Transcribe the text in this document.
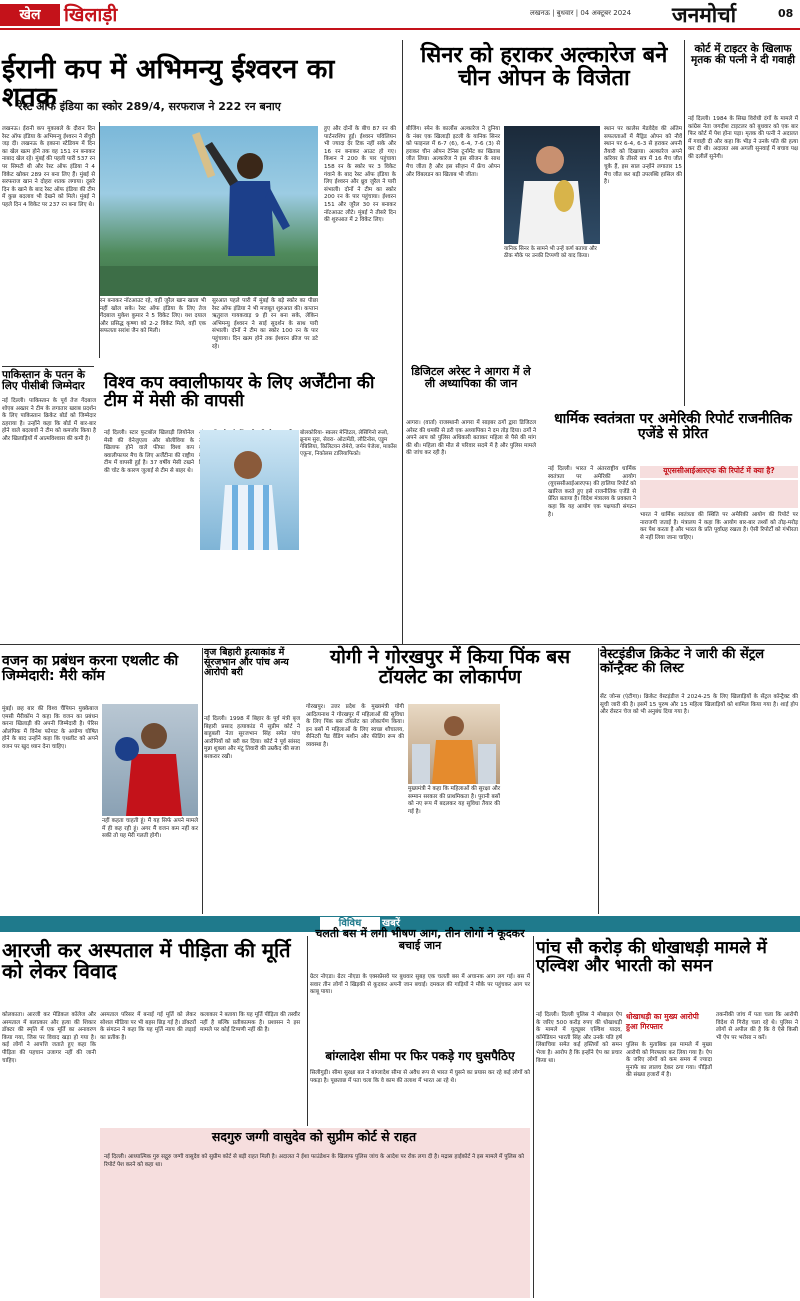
खेल	खिलाड़ी	लखनऊ | बुधवार | 04 अक्टूबर 2024	जनमोर्चा	08
ईरानी कप में अभिमन्यु ईश्वरन का शतक
रेस्ट ऑफ इंडिया का स्कोर 289/4, सरफराज ने 222 रन बनाए
लखनऊ। ईरानी कप मुकाबले के दौरान दिन रेस्ट ऑफ इंडिया के अभिमन्यु ईश्वरन ने सेंचुरी जड़ दी। लखनऊ के इकाना स्टेडियम में दिन का खेल खत्म होने तक वह 151 रन बनाकर नाबाद खेल रहे। मुंबई की पहली पारी 537 रन पर सिमटी थी और रेस्ट ऑफ इंडिया ने 4 विकेट खोकर 289 रन बना लिए हैं। मुंबई से सरफराज खान ने दोहरा शतक लगाया। दूसरे दिन के खाने के बाद रेस्ट ऑफ इंडिया की टीम में कुछ बदलाव भी देखने को मिले। मुंबई ने पहले दिन 4 विकेट पर 237 रन बना लिए थे।
रन बनाकर नॉटआउट रहे, वहीं जुरैल खान खाता भी नहीं खोल सके। रेस्ट ऑफ इंडिया के लिए तेज गेंदबाज मुकेश कुमार ने 5 विकेट लिए। यश दयाल और प्रसिद्ध कृष्णा को 2-2 विकेट मिले, वहीं एक सफलता सरांश जैन को मिली।
सुरआत पहले पारी में मुंबई के बड़े स्कोर का पीछा रेस्ट ऑफ इंडिया ने भी मजबूत शुरुआत की। कप्तान ऋतुराज गायकवाड़ 9 ही रन बना सके, लेकिन अभिमन्यु ईश्वरन ने साई सुदर्शन के साथ पारी संभाली। दोनों ने टीम का स्कोर 100 रन के पार पहुंचाया। दिन खत्म होने तक ईश्वरन क्रीज पर डटे रहे।
हुए और दोनों के बीच 87 रन की पार्टनरशिप हुई। ईश्वरन पविलियन भी ज्यादा देर टिक नहीं सके और 16 रन बनाकर आउट हो गए। किशन ने 200 के पार पहुंचाया 158 रन के स्कोर पर 3 विकेट गंवाने के बाद रेस्ट ऑफ इंडिया के लिए ईश्वरन और ध्रुव जुरैल ने पारी संभाली। दोनों ने टीम का स्कोर 200 रन के पार पहुंचाया। ईश्वरन 151 और जुरैल 30 रन बनाकर नॉटआउट लौटे। मुंबई ने तीसरे दिन की शुरुआत में 2 विकेट लिए।
पाकिस्तान के पतन के लिए पीसीबी जिम्मेदार
नई दिल्ली। पाकिस्तान के पूर्व तेज गेंदबाज शोएब अख्तर ने टीम के लगातार खराब प्रदर्शन के लिए पाकिस्तान क्रिकेट बोर्ड को जिम्मेदार ठहराया है। उन्होंने कहा कि बोर्ड में बार-बार होने वाले बदलावों ने टीम को कमजोर किया है और खिलाड़ियों में आत्मविश्वास की कमी है।
विश्व कप क्वालीफायर के लिए अर्जेंटीना की टीम में मेसी की वापसी
नई दिल्ली। स्टार फुटबॉल खिलाड़ी लियोनेल मेसी की वेनेजुएला और बोलीविया के खिलाफ होने वाले फीफा विश्व कप क्वालीफायर मैच के लिए अर्जेंटीना की राष्ट्रीय टीम में वापसी हुई है। 37 वर्षीय मेसी टखने की चोट के कारण जुलाई से टीम से बाहर थे।
बोलकोरिया- स्कलर मेन्डिंटल, लेसिंगिनो रूलो, ब्रूनाम सुरा, सेवरा- ओटामेंडी, लौटिनोस, एड्रूम गेबिलिया, किलिटयन रोमेरो, जर्मन पेजेला, मार्कोस एकूना, निकोलस टालियाफिको।
सिनर को हराकर अल्कारेज बने चीन ओपन के विजेता
बीजिंग। स्पेन के कार्लोस अल्कारेज ने दुनिया के नंबर एक खिलाड़ी इटली के यानिक सिनर को फाइनल में 6-7 (6), 6-4, 7-6 (3) से हराकर चीन ओपन टेनिस टूर्नामेंट का खिताब जीत लिया। अल्कारेज ने इस सीजन के साथ मैच जीता है और इस सीज़न में फ्रेंच ओपन और विंबलडन का खिताब भी जीता।
यानिक सिनर के सामने भी उन्हें कर्ण बताया और ठीक मौके पर उनकी टिप्पणी को याद किया।
स्थान पर कालेस मेडवेदेव की अंतिम सफलताओं में मैड्रिड ओपन को नौवें स्थान पर 6-4, 6-3 से हराकर अपनी तैयारी को दिखाया। अल्कारेज अपने करियर के तीसरे सत्र में 16 मैच जीत चुके हैं, इस साल उन्होंने लगातार 15 मैच जीत कर बड़ी उपलब्धि हासिल की है।
कोर्ट में टाइटर के खिलाफ मृतक की पत्नी ने दी गवाही
नई दिल्ली। 1984 के सिख विरोधी दंगों के मामले में कांग्रेस नेता जगदीश टाइटलर को बुधवार को एक बार फिर कोर्ट में पेश होना पड़ा। मृतक की पत्नी ने अदालत में गवाही दी और कहा कि भीड़ ने उनके पति की हत्या कर दी थी। अदालत अब अगली सुनवाई में बचाव पक्ष की दलीलें सुनेगी।
डिजिटल अरेस्ट ने आगरा में ले ली अध्यापिका की जान
आगरा। (वार्ता) राजस्थानी आगरा में साइबर ठगों द्वारा डिजिटल अरेस्ट की धमकी से डरी एक अध्यापिका ने दम तोड़ दिया। ठगों ने अपने आप को पुलिस अधिकारी बताकर महिला से पैसे की मांग की थी। महिला की मौत से परिवार सदमे में है और पुलिस मामले की जांच कर रही है।
धार्मिक स्वतंत्रता पर अमेरिकी रिपोर्ट राजनीतिक एजेंडे से प्रेरित
यूएससीआईआरएफ की रिपोर्ट में क्या है?
नई दिल्ली। भारत ने अंतरराष्ट्रीय धार्मिक स्वतंत्रता पर अमेरिकी आयोग (यूएससीआईआरएफ) की हालिया रिपोर्ट को खारिज करते हुए इसे राजनीतिक एजेंडे से प्रेरित बताया है। विदेश मंत्रालय के प्रवक्ता ने कहा कि यह आयोग एक पक्षपाती संगठन है।	भारत ने धार्मिक स्वतंत्रता की स्थिति पर अमेरिकी आयोग की रिपोर्ट पर नाराजगी जताई है। मंत्रालय ने कहा कि आयोग बार-बार तथ्यों को तोड़-मरोड़ कर पेश करता है और भारत के प्रति पूर्वाग्रह रखता है। ऐसी रिपोर्टों को गंभीरता से नहीं लिया जाना चाहिए।
वजन का प्रबंधन करना एथलीट की जिम्मेदारी: मैरी कॉम
मुंबई। छह बार की विश्व चैंपियन मुक्केबाज एमसी मैरीकॉम ने कहा कि वजन का प्रबंधन करना खिलाड़ी की अपनी जिम्मेदारी है। पेरिस ओलंपिक में विनेश फोगाट के अयोग्य घोषित होने के बाद उन्होंने कहा कि एथलीट को अपने वजन पर खुद ध्यान देना चाहिए।
नहीं कहता चाहती हूं। मैं यह सिर्फ अपने मामले में ही कह रही हूं। अगर मैं वजन कम नहीं कर सकी तो यह मेरी गलती होगी।
वृज बिहारी हत्याकांड में सूरजभान और पांच अन्य आरोपी बरी
नई दिल्ली। 1998 में बिहार के पूर्व मंत्री बृज बिहारी प्रसाद हत्याकांड में सुप्रीम कोर्ट ने बाहुबली नेता सूरजभान सिंह समेत पांच आरोपियों को बरी कर दिया। कोर्ट ने पूर्व सांसद मुन्ना शुक्ला और मंटू तिवारी की उम्रकैद की सजा बरकरार रखी।
योगी ने गोरखपुर में किया पिंक बस टॉयलेट का लोकार्पण
गोरखपुर। उत्तर प्रदेश के मुख्यमंत्री योगी आदित्यनाथ ने गोरखपुर में महिलाओं की सुविधा के लिए पिंक बस टॉयलेट का लोकार्पण किया। इन बसों में महिलाओं के लिए स्वच्छ शौचालय, सैनिटरी पैड वेंडिंग मशीन और फीडिंग रूम की व्यवस्था है।
मुख्यमंत्री ने कहा कि महिलाओं की सुरक्षा और सम्मान सरकार की प्राथमिकता है। पुरानी बसों को नए रूप में बदलकर यह सुविधा तैयार की गई है।
वेस्टइंडीज क्रिकेट ने जारी की सेंट्रल कॉन्ट्रैक्ट की लिस्ट
सेंट जोन्स (एंटीगा)। क्रिकेट वेस्टइंडीज ने 2024-25 के लिए खिलाड़ियों के सेंट्रल कॉन्ट्रैक्ट की सूची जारी की है। इसमें 15 पुरुष और 15 महिला खिलाड़ियों को शामिल किया गया है। शाई होप और रोस्टन चेज को भी अनुबंध दिया गया है।
विविध	खबरें
आरजी कर अस्पताल में पीड़िता की मूर्ति को लेकर विवाद
कोलकाता। आरजी कर मेडिकल कॉलेज और अस्पताल में बलात्कार और हत्या की शिकार डॉक्टर की स्मृति में एक मूर्ति का अनावरण किया गया, जिस पर विवाद खड़ा हो गया है। कई लोगों ने आपत्ति जताते हुए कहा कि पीड़िता की पहचान उजागर नहीं की जानी चाहिए।
अस्पताल परिसर में बनाई गई मूर्ति को लेकर सोशल मीडिया पर भी बहस छिड़ गई है। डॉक्टरों के संगठन ने कहा कि यह मूर्ति न्याय की लड़ाई का प्रतीक है।
कलाकार ने बताया कि यह मूर्ति पीड़िता की तस्वीर नहीं है बल्कि प्रतीकात्मक है। प्रशासन ने इस मामले पर कोई टिप्पणी नहीं की है।
चलती बस में लगी भीषण आग, तीन लोगों ने कूदकर बचाई जान
ग्रेटर नोएडा। ग्रेटर नोएडा के एक्सप्रेसवे पर बुधवार सुबह एक चलती बस में अचानक आग लग गई। बस में सवार तीन लोगों ने खिड़की से कूदकर अपनी जान बचाई। दमकल की गाड़ियों ने मौके पर पहुंचकर आग पर काबू पाया।
बांग्लादेश सीमा पर फिर पकड़े गए घुसपैठिए
सिलीगुड़ी। सीमा सुरक्षा बल ने बांग्लादेश सीमा से अवैध रूप से भारत में घुसने का प्रयास कर रहे कई लोगों को पकड़ा है। पूछताछ में पता चला कि वे काम की तलाश में भारत आ रहे थे।
सदगुरु जग्गी वासुदेव को सुप्रीम कोर्ट से राहत
नई दिल्ली। आध्यात्मिक गुरु सद्गुरु जग्गी वासुदेव को सुप्रीम कोर्ट से बड़ी राहत मिली है। अदालत ने ईशा फाउंडेशन के खिलाफ पुलिस जांच के आदेश पर रोक लगा दी है। मद्रास हाईकोर्ट ने इस मामले में पुलिस को रिपोर्ट पेश करने को कहा था।
पांच सौ करोड़ की धोखाधड़ी मामले में एल्विश और भारती को समन
नई दिल्ली। दिल्ली पुलिस ने मोबाइल ऐप के जरिए 500 करोड़ रुपए की धोखाधड़ी के मामले में यूट्यूबर एल्विश यादव, कॉमेडियन भारती सिंह और उनके पति हर्ष लिंबाचिया समेत कई हस्तियों को समन भेजा है। आरोप है कि इन्होंने ऐप का प्रचार किया था।
धोखाधड़ी का मुख्य आरोपी हुआ गिरफ्तार
पुलिस के मुताबिक इस मामले में मुख्य आरोपी को गिरफ्तार कर लिया गया है। ऐप के जरिए लोगों को कम समय में ज्यादा मुनाफे का लालच देकर ठगा गया। पीड़ितों की संख्या हजारों में है।
तकनीकी जांच में पता चला कि आरोपी विदेश से गिरोह चला रहे थे। पुलिस ने लोगों से अपील की है कि वे ऐसे किसी भी ऐप पर भरोसा न करें।
